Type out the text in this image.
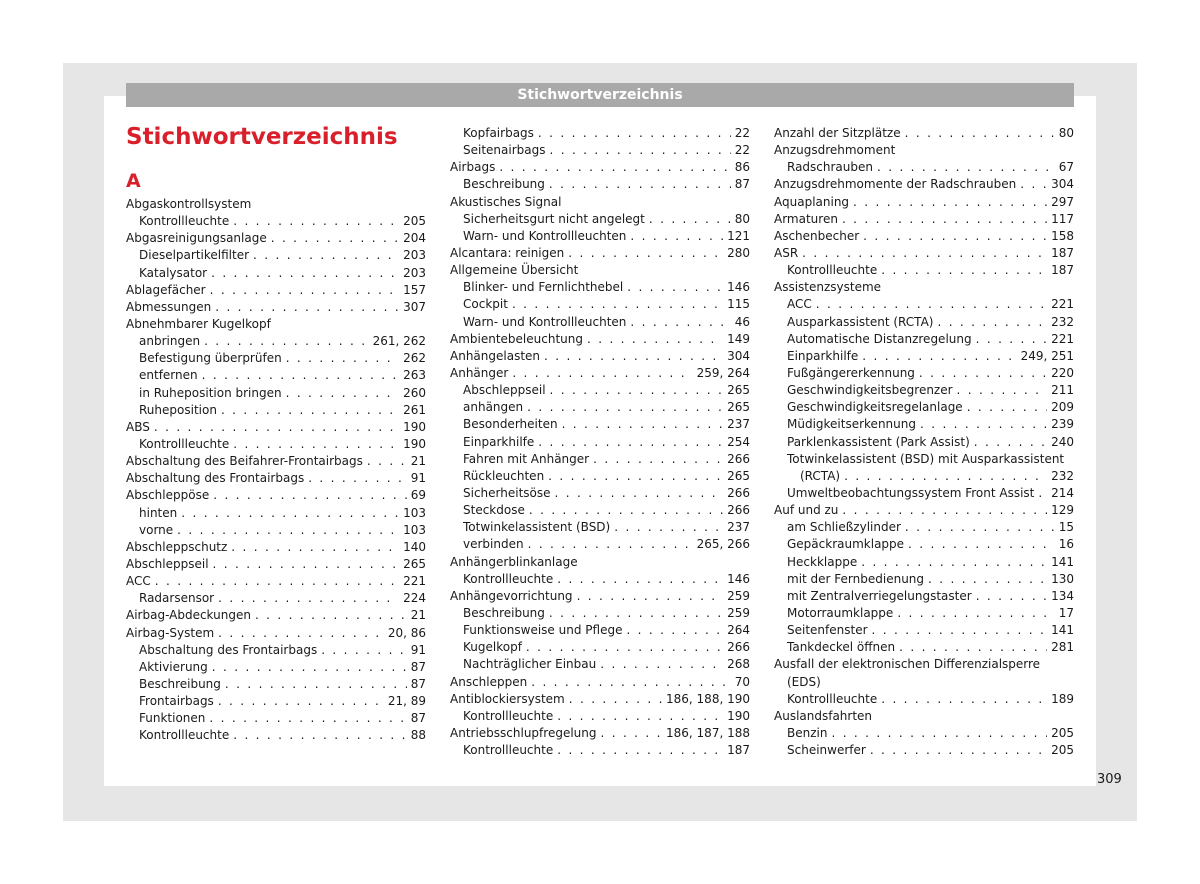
Stichwortverzeichnis
Stichwortverzeichnis
A
Abgaskontrollsystem
Kontrollleuchte . . .	205
Abgasreinigungsanlage . . .	204
Dieselpartikelfilter . . .	203
Katalysator . . .	203
Ablagefächer . . .	157
Abmessungen . . .	307
Abnehmbarer Kugelkopf
anbringen . . .	261, 262
Befestigung überprüfen . . .	262
entfernen . . .	263
in Ruheposition bringen . . .	260
Ruheposition . . .	261
ABS . . .	190
Kontrollleuchte . . .	190
Abschaltung des Beifahrer-Frontairbags . . .	21
Abschaltung des Frontairbags . . .	91
Abschleppöse . . .	69
hinten . . .	103
vorne . . .	103
Abschleppschutz . . .	140
Abschleppseil . . .	265
ACC . . .	221
Radarsensor . . .	224
Airbag-Abdeckungen . . .	21
Airbag-System . . .	20, 86
Abschaltung des Frontairbags . . .	91
Aktivierung . . .	87
Beschreibung . . .	87
Frontairbags . . .	21, 89
Funktionen . . .	87
Kontrollleuchte . . .	88
Kopfairbags . . .	22
Seitenairbags . . .	22
Airbags . . .	86
Beschreibung . . .	87
Akustisches Signal
Sicherheitsgurt nicht angelegt . . .	80
Warn- und Kontrollleuchten . . .	121
Alcantara: reinigen . . .	280
Allgemeine Übersicht
Blinker- und Fernlichthebel . . .	146
Cockpit . . .	115
Warn- und Kontrollleuchten . . .	46
Ambientebeleuchtung . . .	149
Anhängelasten . . .	304
Anhänger . . .	259, 264
Abschleppseil . . .	265
anhängen . . .	265
Besonderheiten . . .	237
Einparkhilfe . . .	254
Fahren mit Anhänger . . .	266
Rückleuchten . . .	265
Sicherheitsöse . . .	266
Steckdose . . .	266
Totwinkelassistent (BSD) . . .	237
verbinden . . .	265, 266
Anhängerblinkanlage
Kontrollleuchte . . .	146
Anhängevorrichtung . . .	259
Beschreibung . . .	259
Funktionsweise und Pflege . . .	264
Kugelkopf . . .	266
Nachträglicher Einbau . . .	268
Anschleppen . . .	70
Antiblockiersystem . . .	186, 188, 190
Kontrollleuchte . . .	190
Antriebsschlupfregelung . . .	186, 187, 188
Kontrollleuchte . . .	187
Anzahl der Sitzplätze . . .	80
Anzugsdrehmoment
Radschrauben . . .	67
Anzugsdrehmomente der Radschrauben . . .	304
Aquaplaning . . .	297
Armaturen . . .	117
Aschenbecher . . .	158
ASR . . .	187
Kontrollleuchte . . .	187
Assistenzsysteme
ACC . . .	221
Ausparkassistent (RCTA) . . .	232
Automatische Distanzregelung . . .	221
Einparkhilfe . . .	249, 251
Fußgängererkennung . . .	220
Geschwindigkeitsbegrenzer . . .	211
Geschwindigkeitsregelanlage . . .	209
Müdigkeitserkennung . . .	239
Parklenkassistent (Park Assist) . . .	240
Totwinkelassistent (BSD) mit Ausparkassistent
(RCTA) . . .	232
Umweltbeobachtungssystem Front Assist . . . 214
Auf und zu . . .	129
am Schließzylinder . . .	15
Gepäckraumklappe . . .	16
Heckklappe . . .	141
mit der Fernbedienung . . .	130
mit Zentralverriegelungstaster . . .	134
Motorraumklappe . . .	17
Seitenfenster . . .	141
Tankdeckel öffnen . . .	281
Ausfall der elektronischen Differenzialsperre
(EDS)
Kontrollleuchte . . .	189
Auslandsfahrten
Benzin . . .	205
Scheinwerfer . . .	205
309
